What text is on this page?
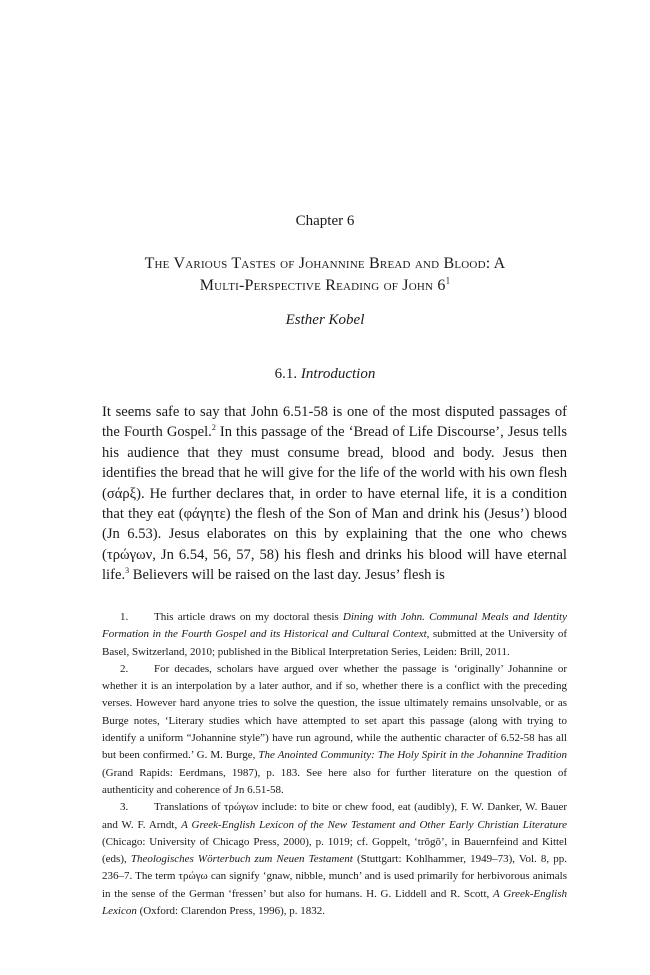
Chapter 6
The Various Tastes of Johannine Bread and Blood: A
Multi-Perspective Reading of John $6^1$
Esther Kobel
6.1. Introduction
It seems safe to say that John 6.51-58 is one of the most disputed passages of the Fourth Gospel.$^2$ In this passage of the ‘Bread of Life Discourse’, Jesus tells his audience that they must consume bread, blood and body. Jesus then identifies the bread that he will give for the life of the world with his own flesh (σάρξ). He further declares that, in order to have eternal life, it is a condition that they eat (φάγητε) the flesh of the Son of Man and drink his (Jesus’) blood (Jn 6.53). Jesus elaborates on this by explaining that the one who chews (τρώγων, Jn 6.54, 56, 57, 58) his flesh and drinks his blood will have eternal life.$^3$ Believers will be raised on the last day. Jesus’ flesh is

1. This article draws on my doctoral thesis Dining with John. Communal Meals and Identity Formation in the Fourth Gospel and its Historical and Cultural Context, submitted at the University of Basel, Switzerland, 2010; published in the Biblical Interpretation Series, Leiden: Brill, 2011.

2. For decades, scholars have argued over whether the passage is ‘originally’ Johannine or whether it is an interpolation by a later author, and if so, whether there is a conflict with the preceding verses. However hard anyone tries to solve the question, the issue ultimately remains unsolvable, or as Burge notes, ‘Literary studies which have attempted to set apart this passage (along with trying to identify a uniform “Johannine style”) have run aground, while the authentic character of 6.52-58 has all but been confirmed.’ G. M. Burge, The Anointed Community: The Holy Spirit in the Johannine Tradition (Grand Rapids: Eerdmans, 1987), p. 183. See here also for further literature on the question of authenticity and coherence of Jn 6.51-58.

3. Translations of τρώγων include: to bite or chew food, eat (audibly), F. W. Danker, W. Bauer and W. F. Arndt, A Greek-English Lexicon of the New Testament and Other Early Christian Literature (Chicago: University of Chicago Press, 2000), p. 1019; cf. Goppelt, ‘trōgō’, in Bauernfeind and Kittel (eds), Theologisches Wörterbuch zum Neuen Testament (Stuttgart: Kohlhammer, 1949–73), Vol. 8, pp. 236–7. The term τρώγω can signify ‘gnaw, nibble, munch’ and is used primarily for herbivorous animals in the sense of the German ‘fressen’ but also for humans. H. G. Liddell and R. Scott, A Greek-English Lexicon (Oxford: Clarendon Press, 1996), p. 1832.
